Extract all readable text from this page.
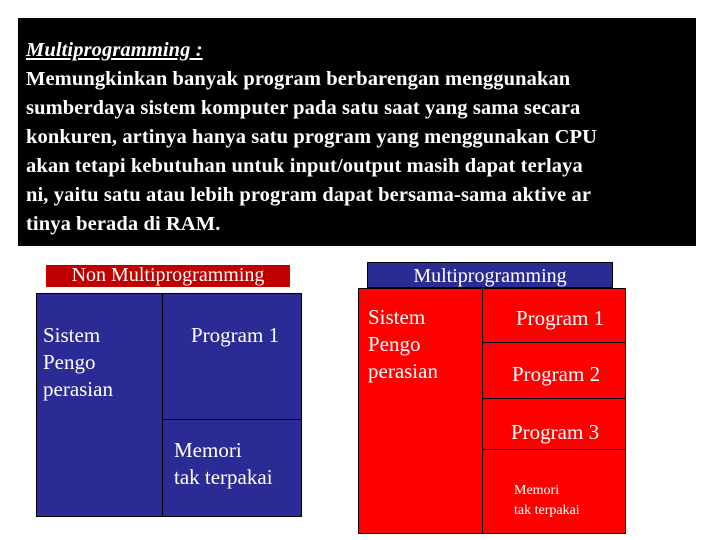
Multiprogramming :
Memungkinkan banyak program berbarengan menggunakan
sumberdaya sistem komputer pada satu saat yang sama secara
konkuren, artinya hanya satu program yang menggunakan CPU
akan tetapi kebutuhan untuk input/output masih dapat terlaya
ni, yaitu satu atau lebih program dapat bersama-sama aktive ar
tinya berada di RAM.
Non Multiprogramming
Sistem
Pengo
perasian
Program 1
Memori
tak terpakai
Multiprogramming
Sistem
Pengo
perasian
Program 1
Program 2
Program 3
Memori
tak terpakai
